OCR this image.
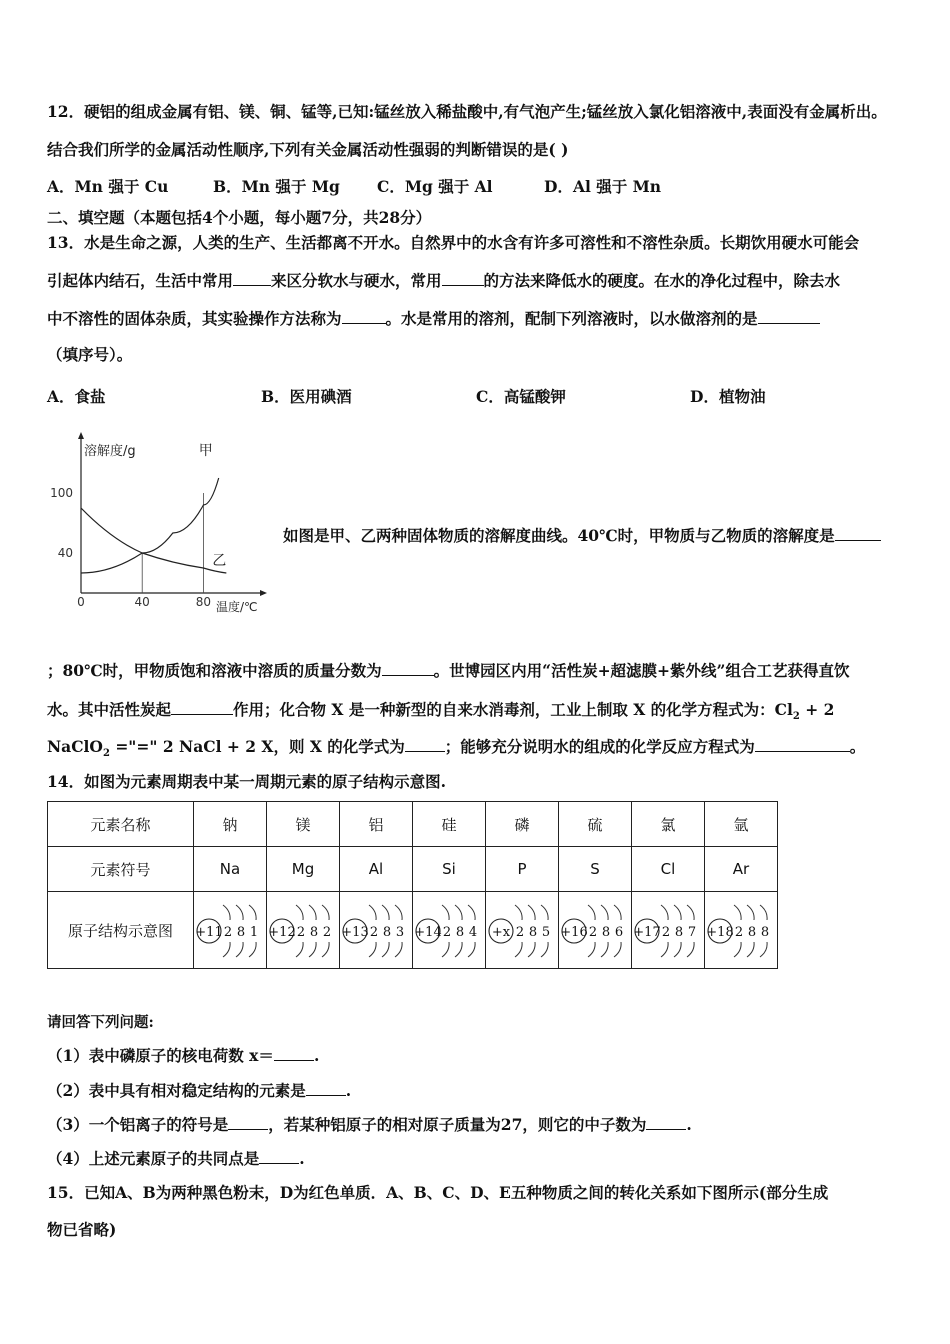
12．硬铝的组成金属有铝、镁、铜、锰等,已知:锰丝放入稀盐酸中,有气泡产生;锰丝放入氯化铝溶液中,表面没有金属析出。
结合我们所学的金属活动性顺序,下列有关金属活动性强弱的判断错误的是( )
A．Mn 强于 Cu	B．Mn 强于 Mg C．Mg 强于 Al	D．Al 强于 Mn
二、填空题（本题包括4个小题，每小题7分，共28分）
13．水是生命之源，人类的生产、生活都离不开水。自然界中的水含有许多可溶性和不溶性杂质。长期饮用硬水可能会
引起体内结石，生活中常用 来区分软水与硬水，常用	的方法来降低水的硬度。在水的净化过程中，除去水
中不溶性的固体杂质，其实验操作方法称为	。水是常用的溶剂，配制下列溶液时，以水做溶剂的是
（填序号）。
A．食盐	B．医用碘酒	C．高锰酸钾	D．植物油
0	40	80
100
40
溶解度/g
温度/℃
甲
乙
如图是甲、乙两种固体物质的溶解度曲线。40℃时，甲物质与乙物质的溶解度是
；80℃时，甲物质饱和溶液中溶质的质量分数为	。世博园区内用“活性炭+超滤膜+紫外线”组合工艺获得直饮
水。其中活性炭起	作用；化合物 X 是一种新型的自来水消毒剂，工业上制取 X 的化学方程式为：$Cl_2 + 2$
NaClO$_2$ ="=" 2 NaCl + 2 X，则 X 的化学式为	；能够充分说明水的组成的化学反应方程式为	。
14．如图为元素周期表中某一周期元素的原子结构示意图.
元素名称	钠	镁	铝	硅	磷	硫	氯	氩
元素符号	Na	Mg	Al	Si	P	S	Cl	Ar
原子结构示意图	+11 2 8 1	+12 2 8 2	+13 2 8 3	+14 2 8 4	+x 2 8 5	+16 2 8 6	+17 2 8 7	+18 2 8 8
请回答下列问题:
（1）表中磷原子的核电荷数 x＝	.
（2）表中具有相对稳定结构的元素是	.
（3）一个铝离子的符号是	，若某种铝原子的相对原子质量为27，则它的中子数为	.
（4）上述元素原子的共同点是	.
15．已知A、B为两种黑色粉末，D为红色单质．A、B、C、D、E五种物质之间的转化关系如下图所示(部分生成
物已省略)
